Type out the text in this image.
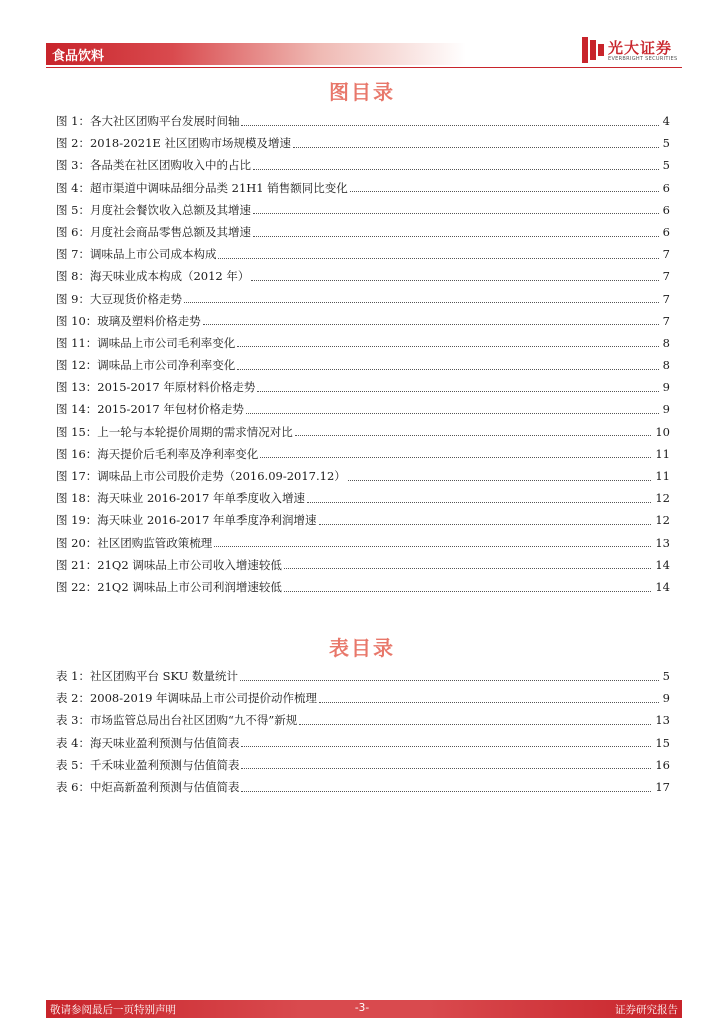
食品饮料	光大证券
EVERBRIGHT SECURITIES
图目录
图 1：各大社区团购平台发展时间轴	4
图 2：2018-2021E 社区团购市场规模及增速	5
图 3：各品类在社区团购收入中的占比	5
图 4：超市渠道中调味品细分品类 21H1 销售额同比变化	6
图 5：月度社会餐饮收入总额及其增速	6
图 6：月度社会商品零售总额及其增速	6
图 7：调味品上市公司成本构成	7
图 8：海天味业成本构成（2012 年）	7
图 9：大豆现货价格走势	7
图 10：玻璃及塑料价格走势	7
图 11：调味品上市公司毛利率变化	8
图 12：调味品上市公司净利率变化	8
图 13：2015-2017 年原材料价格走势	9
图 14：2015-2017 年包材价格走势	9
图 15：上一轮与本轮提价周期的需求情况对比	10
图 16：海天提价后毛利率及净利率变化	11
图 17：调味品上市公司股价走势（2016.09-2017.12）	11
图 18：海天味业 2016-2017 年单季度收入增速	12
图 19：海天味业 2016-2017 年单季度净利润增速	12
图 20：社区团购监管政策梳理	13
图 21：21Q2 调味品上市公司收入增速较低	14
图 22：21Q2 调味品上市公司利润增速较低	14
表目录
表 1：社区团购平台 SKU 数量统计	5
表 2：2008-2019 年调味品上市公司提价动作梳理	9
表 3：市场监管总局出台社区团购“九不得”新规	13
表 4：海天味业盈利预测与估值简表	15
表 5：千禾味业盈利预测与估值简表	16
表 6：中炬高新盈利预测与估值简表	17
敬请参阅最后一页特别声明	-3-	证券研究报告
